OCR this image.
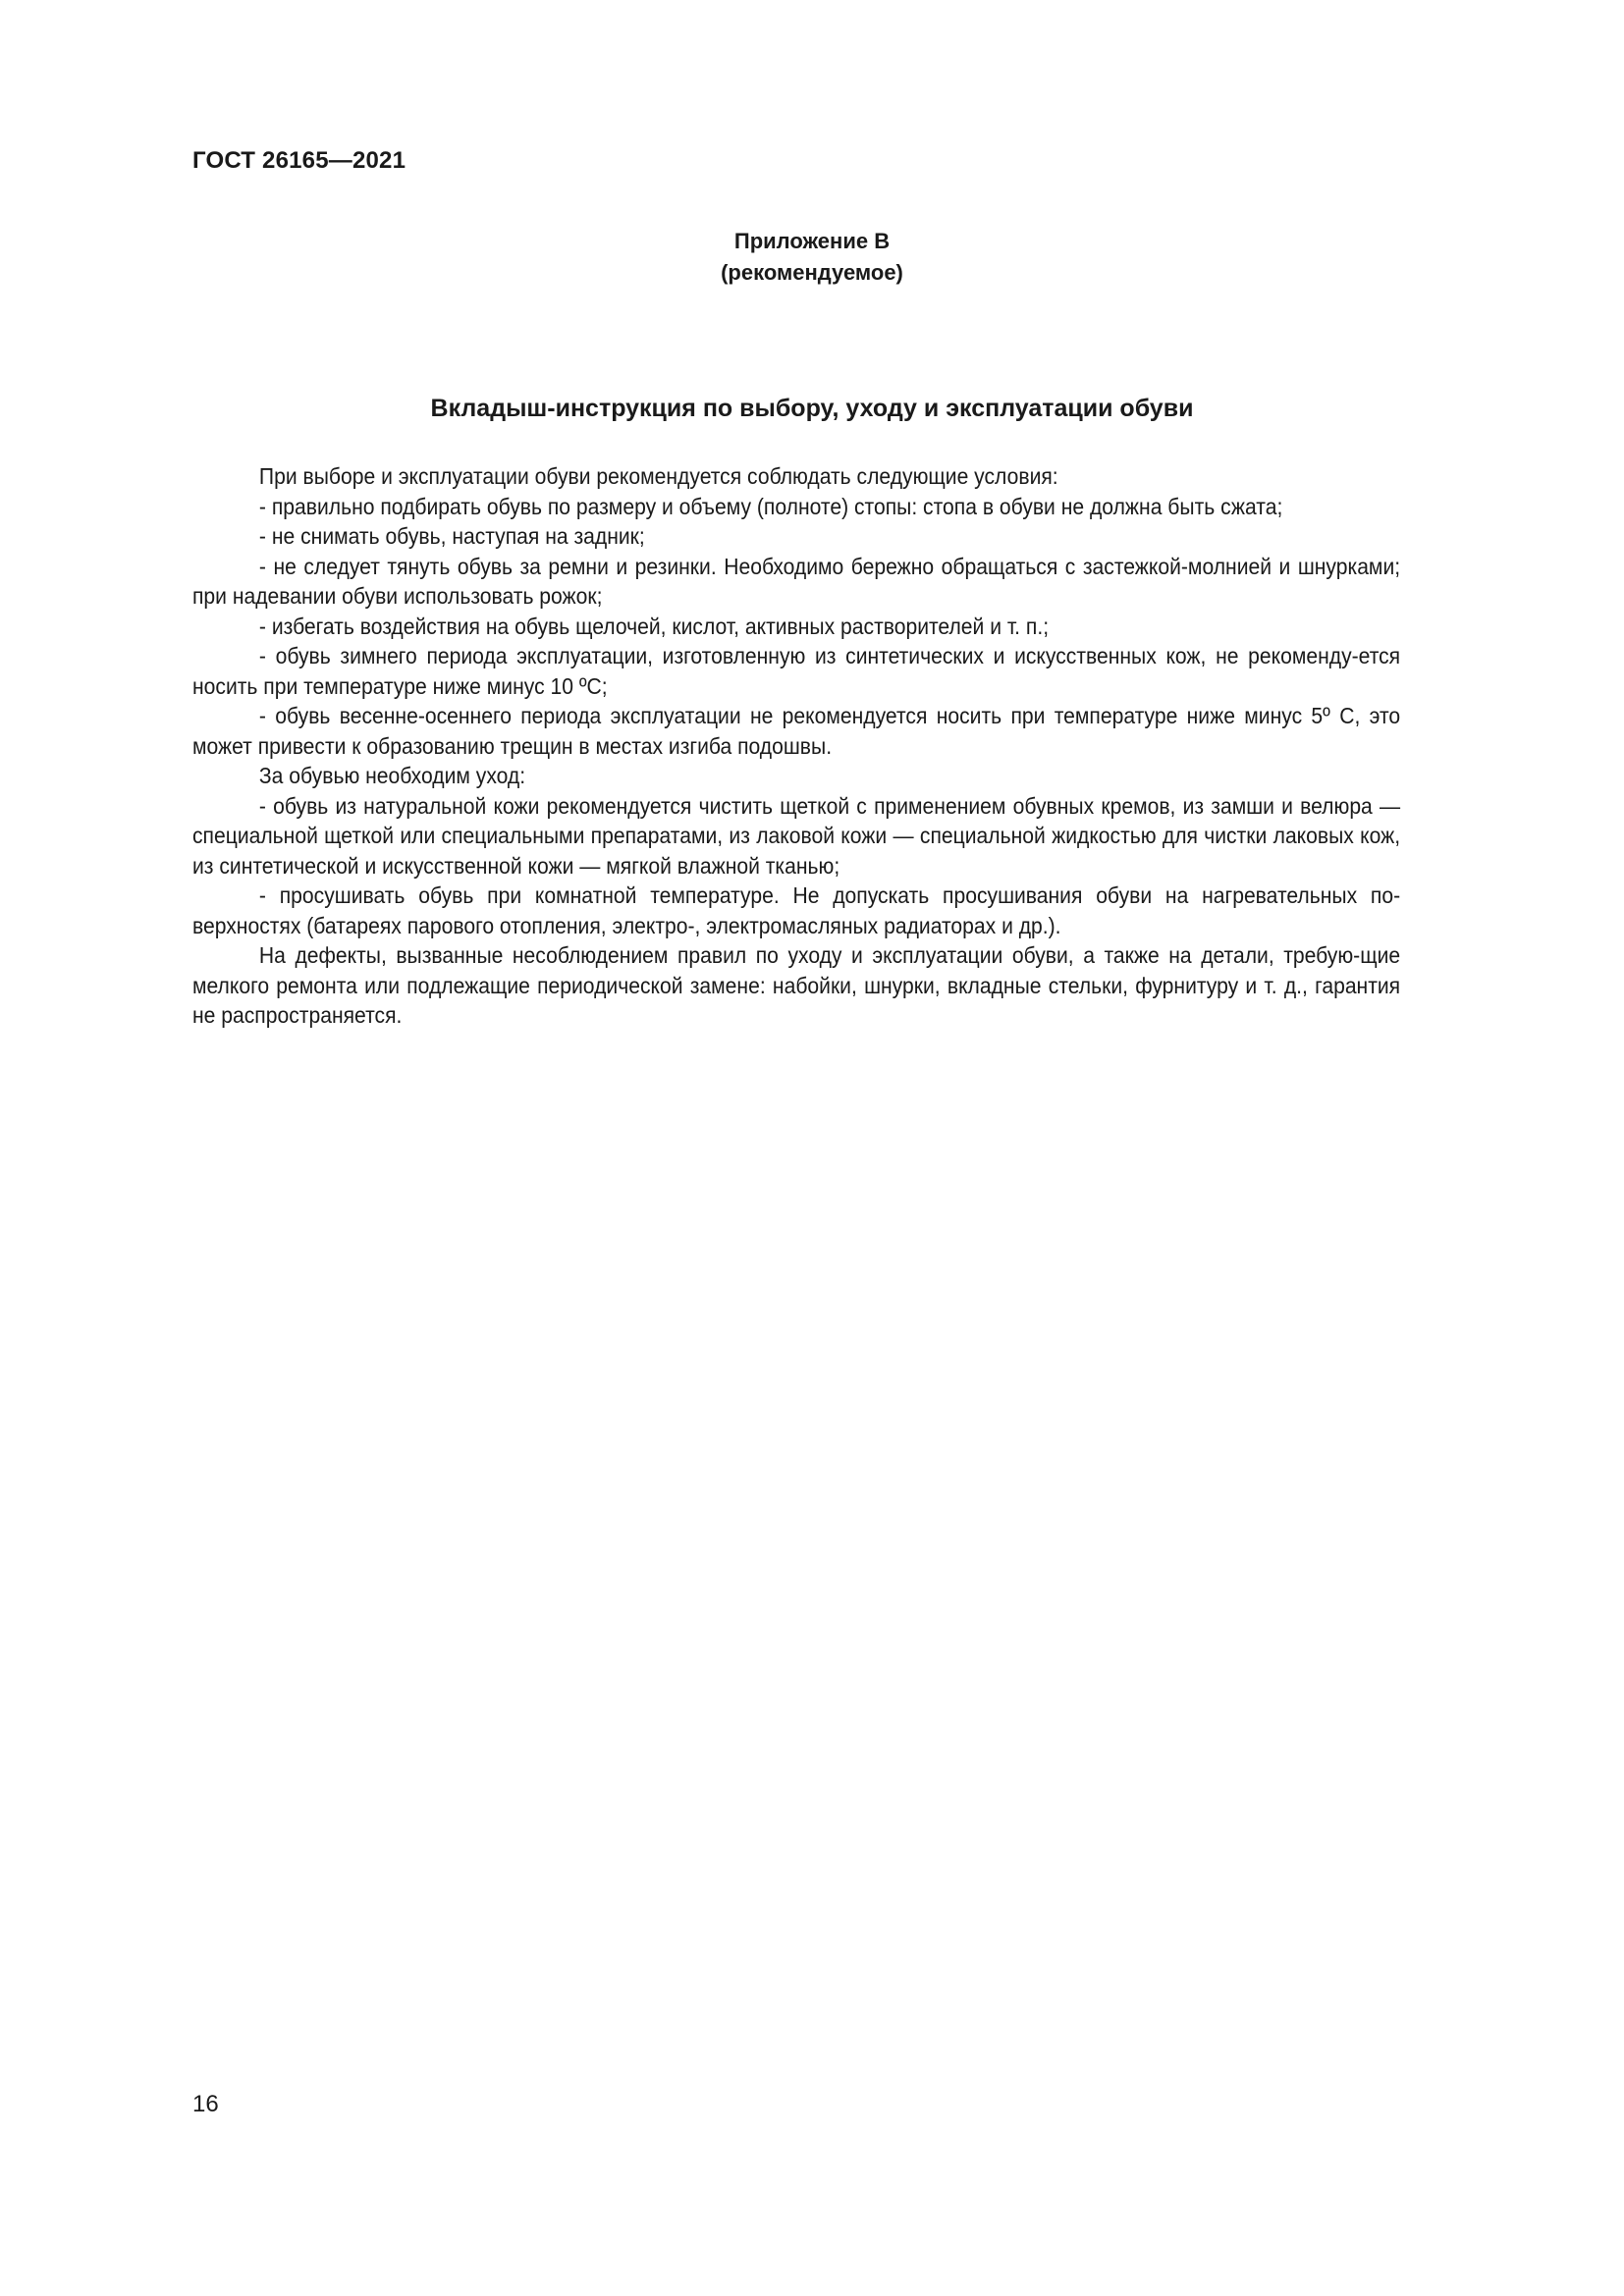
ГОСТ 26165—2021
Приложение В
(рекомендуемое)
Вкладыш-инструкция по выбору, уходу и эксплуатации обуви

При выборе и эксплуатации обуви рекомендуется соблюдать следующие условия:

- правильно подбирать обувь по размеру и объему (полноте) стопы: стопа в обуви не должна быть сжата;

- не снимать обувь, наступая на задник;

- не следует тянуть обувь за ремни и резинки. Необходимо бережно обращаться с застежкой-молнией и шнурками; при надевании обуви использовать рожок;

- избегать воздействия на обувь щелочей, кислот, активных растворителей и т. п.;

- обувь зимнего периода эксплуатации, изготовленную из синтетических и искусственных кож, не рекоменду-ется носить при температуре ниже минус 10 ºС;

- обувь весенне-осеннего периода эксплуатации не рекомендуется носить при температуре ниже минус 5º С, это может привести к образованию трещин в местах изгиба подошвы.

За обувью необходим уход:

- обувь из натуральной кожи рекомендуется чистить щеткой с применением обувных кремов, из замши и велюра — специальной щеткой или специальными препаратами, из лаковой кожи — специальной жидкостью для чистки лаковых кож, из синтетической и искусственной кожи — мягкой влажной тканью;

- просушивать обувь при комнатной температуре. Не допускать просушивания обуви на нагревательных по-верхностях (батареях парового отопления, электро-, электромасляных радиаторах и др.).

На дефекты, вызванные несоблюдением правил по уходу и эксплуатации обуви, а также на детали, требую-щие мелкого ремонта или подлежащие периодической замене: набойки, шнурки, вкладные стельки, фурнитуру и т. д., гарантия не распространяется.

16
